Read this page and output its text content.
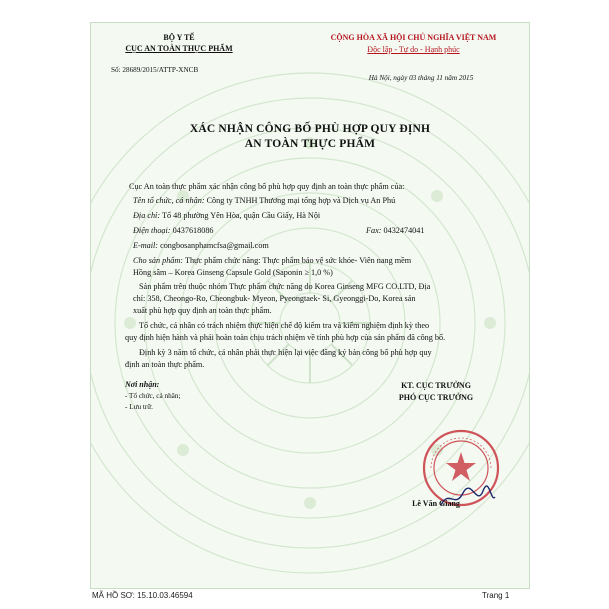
BỘ Y TẾ
CỤC AN TOÀN THỰC PHẨM
Số: 28689/2015/ATTP-XNCB
CỘNG HÒA XÃ HỘI CHỦ NGHĨA VIỆT NAM
Độc lập - Tự do - Hạnh phúc
Hà Nội, ngày 03 tháng 11 năm 2015
XÁC NHẬN CÔNG BỐ PHÙ HỢP QUY ĐỊNH
AN TOÀN THỰC PHẨM
Cục An toàn thực phẩm xác nhận công bố phù hợp quy định an toàn thực phẩm của:
Tên tổ chức, cá nhân: Công ty TNHH Thương mại tổng hợp và Dịch vụ An Phú
Địa chỉ: Tổ 48 phường Yên Hòa, quận Cầu Giấy, Hà Nội
Điện thoại: 0437618086	Fax: 0432474041
E-mail: congbosanphamcfsa@gmail.com
Cho sản phẩm: Thực phẩm chức năng: Thực phẩm bảo vệ sức khỏe- Viên nang mềm
Hồng sâm – Korea Ginseng Capsule Gold (Saponin ≥ 1,0 %)
Sản phẩm trên thuộc nhóm Thực phẩm chức năng do Korea Ginseng MFG CO.LTD, Địa
chỉ: 358, Cheongo-Ro, Cheongbuk- Myeon, Pyeongtaek- Si, Gyeonggi-Do, Korea sản
xuất phù hợp quy định an toàn thực phẩm.
Tổ chức, cá nhân có trách nhiệm thực hiện chế độ kiểm tra và kiểm nghiệm định kỳ theo
quy định hiện hành và phải hoàn toàn chịu trách nhiệm về tính phù hợp của sản phẩm đã công bố.
Định kỳ 3 năm tổ chức, cá nhân phải thực hiện lại việc đăng ký bản công bố phù hợp quy
định an toàn thực phẩm.
Nơi nhận:
- Tổ chức, cá nhân;
- Lưu trữ.
KT. CỤC TRƯỞNG
PHÓ CỤC TRƯỞNG
Lê Văn Giang
MÃ HỒ SƠ: 15.10.03.46594	Trang 1
